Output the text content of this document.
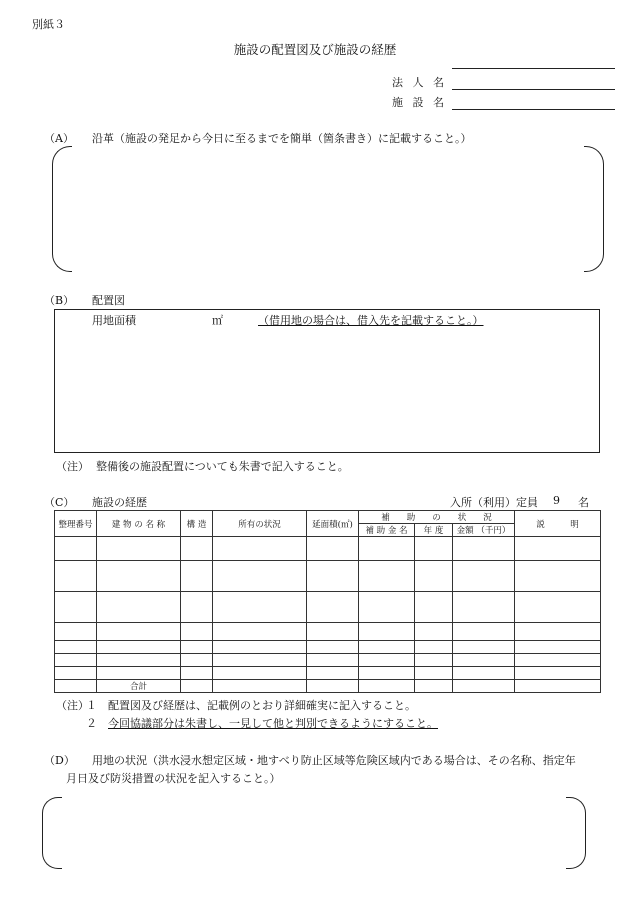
別紙３
施設の配置図及び施設の経歴
法 人 名
施 設 名
（A） 沿革（施設の発足から今日に至るまでを簡単（箇条書き）に記載すること。）
（B） 配置図
用地面積	㎡	（借用地の場合は、借入先を記載すること。）
（注） 整備後の施設配置についても朱書で記入すること。
（C） 施設の経歴	入所（利用）定員 9 名
整理番号	建 物 の 名 称	構 造	所有の状況	延面積(㎡)	補　　助　　の　　状　　況			説　　　明
					補 助 金 名	年 度	金額 （千円）	

	合計							
（注）
１ 配置図及び経歴は、記載例のとおり詳細確実に記入すること。
２ 今回協議部分は朱書し、一見して他と判別できるようにすること。
（D） 用地の状況（洪水浸水想定区域・地すべり防止区域等危険区域内である場合は、その名称、指定年
月日及び防災措置の状況を記入すること。）
